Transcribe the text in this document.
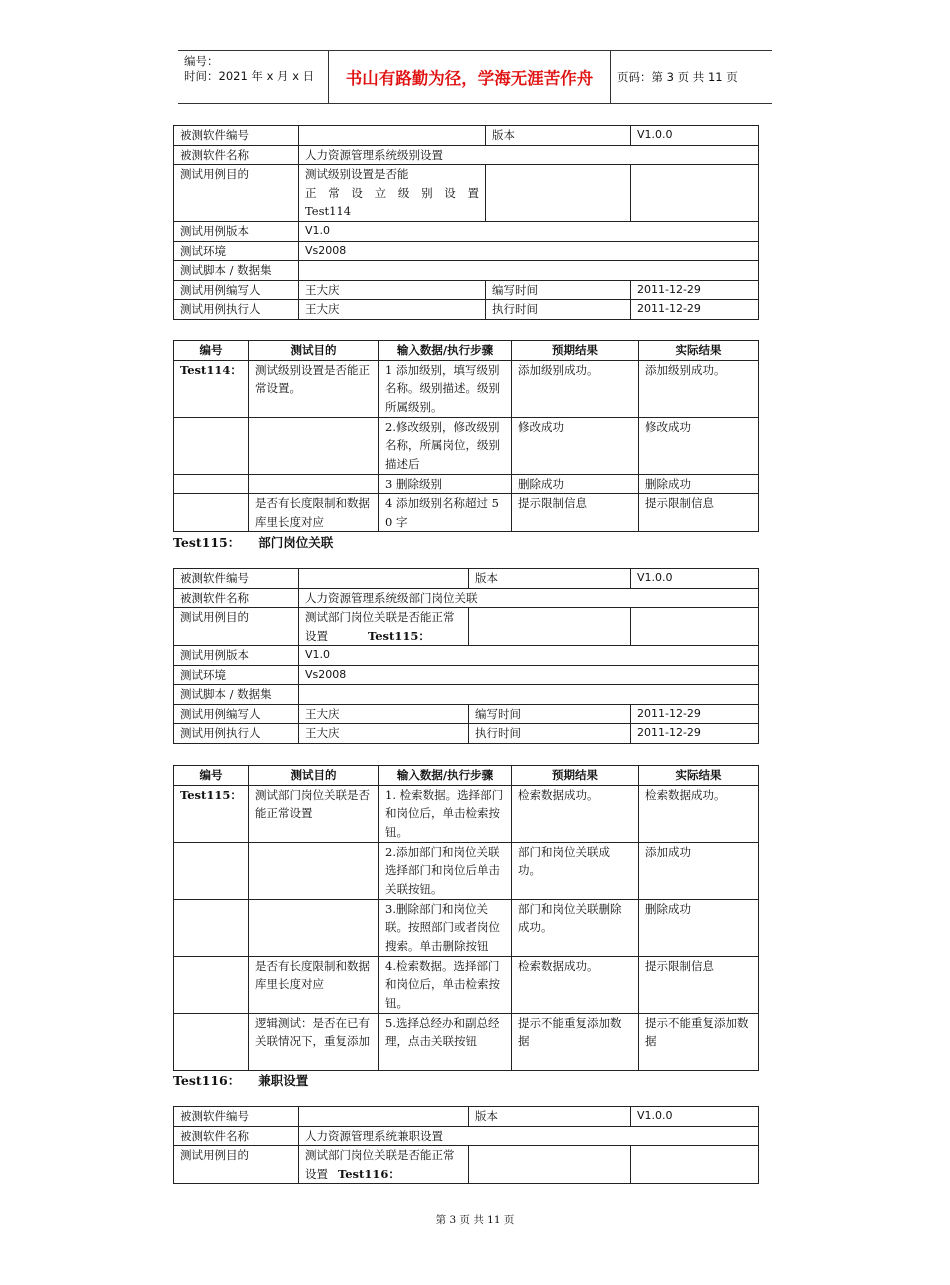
编号：
时间：2021 年 x 月 x 日	书山有路勤为径，学海无涯苦作舟	页码：第 3 页 共 11 页
被测软件编号		版本	V1.0.0
被测软件名称	人力资源管理系统级别设置		
测试用例目的	测试级别设置是否能
正常设立级别设置
Test114		

测试用例版本	V1.0		
测试环境	Vs2008		
测试脚本 / 数据集			
测试用例编写人	王大庆	编写时间	2011-12-29
测试用例执行人	王大庆	执行时间	2011-12-29
编号	测试目的	输入数据/执行步骤	预期结果	实际结果
Test114：	测试级别设置是否能正常设置。	1 添加级别，填写级别名称。级别描述。级别所属级别。	添加级别成功。	添加级别成功。
		2.修改级别，修改级别名称，所属岗位，级别描述后	修改成功	修改成功
		3 删除级别	删除成功	删除成功
	是否有长度限制和数据库里长度对应	4 添加级别名称超过 50 字	提示限制信息	提示限制信息
Test115： 部门岗位关联
被测软件编号		版本	V1.0.0
被测软件名称	人力资源管理系统级部门岗位关联		
测试用例目的	测试部门岗位关联是否能正常设置 Test115：		
测试用例版本	V1.0		
测试环境	Vs2008		
测试脚本 / 数据集			
测试用例编写人	王大庆	编写时间	2011-12-29
测试用例执行人	王大庆	执行时间	2011-12-29
编号	测试目的	输入数据/执行步骤	预期结果	实际结果
Test115：	测试部门岗位关联是否能正常设置	1. 检索数据。选择部门和岗位后，单击检索按钮。	检索数据成功。	检索数据成功。
		2.添加部门和岗位关联选择部门和岗位后单击关联按钮。	部门和岗位关联成功。	添加成功
		3.删除部门和岗位关联。按照部门或者岗位搜索。单击删除按钮	部门和岗位关联删除成功。	删除成功
	是否有长度限制和数据库里长度对应	4.检索数据。选择部门和岗位后，单击检索按钮。	检索数据成功。	提示限制信息
	逻辑测试：是否在已有关联情况下，重复添加	5.选择总经办和副总经理，点击关联按钮	提示不能重复添加数据	提示不能重复添加数据
Test116： 兼职设置
被测软件编号		版本	V1.0.0
被测软件名称	人力资源管理系统兼职设置		
测试用例目的	测试部门岗位关联是否能正常设置 Test116：		
第 3 页 共 11 页
